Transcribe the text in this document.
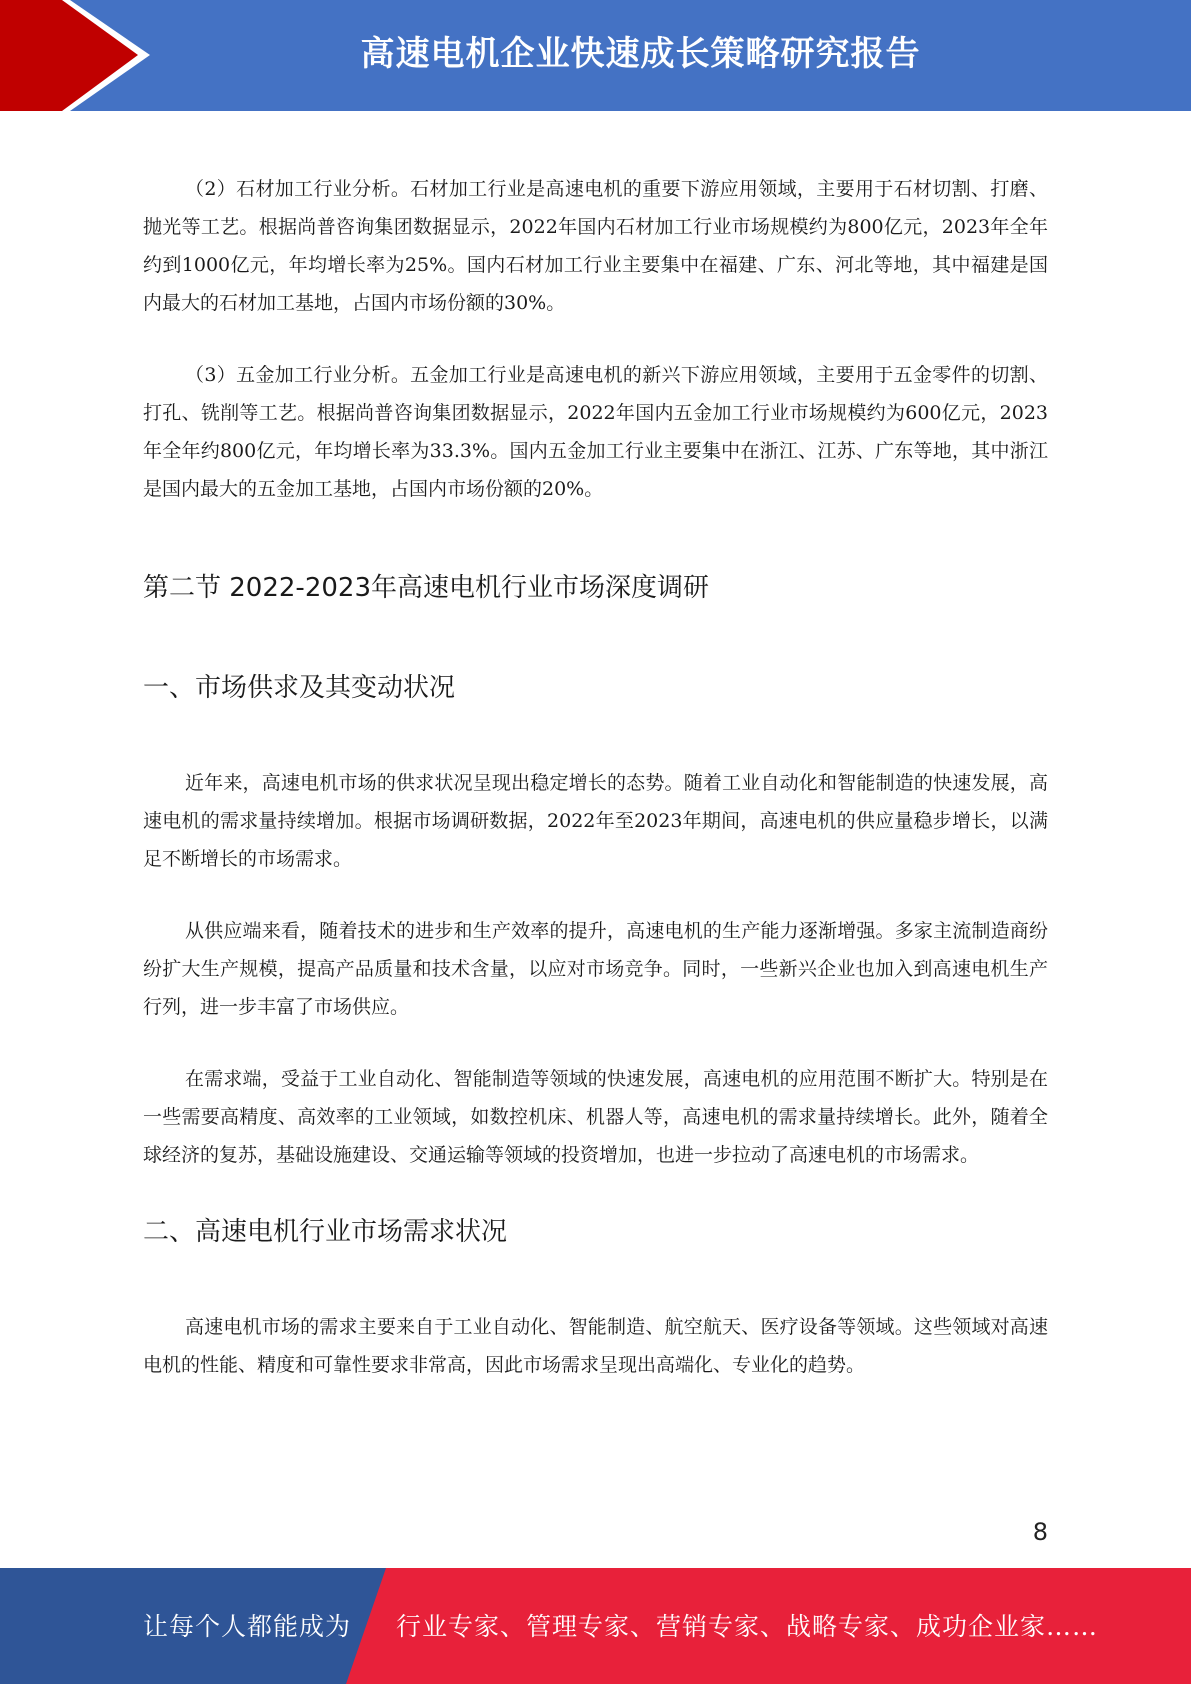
高速电机企业快速成长策略研究报告

（2）石材加工行业分析。石材加工行业是高速电机的重要下游应用领域，主要用于石材切割、打磨、抛光等工艺。根据尚普咨询集团数据显示，2022年国内石材加工行业市场规模约为800亿元，2023年全年约到1000亿元，年均增长率为25%。国内石材加工行业主要集中在福建、广东、河北等地，其中福建是国内最大的石材加工基地，占国内市场份额的30%。

（3）五金加工行业分析。五金加工行业是高速电机的新兴下游应用领域，主要用于五金零件的切割、打孔、铣削等工艺。根据尚普咨询集团数据显示，2022年国内五金加工行业市场规模约为600亿元，2023年全年约800亿元，年均增长率为33.3%。国内五金加工行业主要集中在浙江、江苏、广东等地，其中浙江是国内最大的五金加工基地，占国内市场份额的20%。

第二节 2022-2023年高速电机行业市场深度调研
一、市场供求及其变动状况

近年来，高速电机市场的供求状况呈现出稳定增长的态势。随着工业自动化和智能制造的快速发展，高速电机的需求量持续增加。根据市场调研数据，2022年至2023年期间，高速电机的供应量稳步增长，以满足不断增长的市场需求。

从供应端来看，随着技术的进步和生产效率的提升，高速电机的生产能力逐渐增强。多家主流制造商纷纷扩大生产规模，提高产品质量和技术含量，以应对市场竞争。同时，一些新兴企业也加入到高速电机生产行列，进一步丰富了市场供应。

在需求端，受益于工业自动化、智能制造等领域的快速发展，高速电机的应用范围不断扩大。特别是在一些需要高精度、高效率的工业领域，如数控机床、机器人等，高速电机的需求量持续增长。此外，随着全球经济的复苏，基础设施建设、交通运输等领域的投资增加，也进一步拉动了高速电机的市场需求。

二、高速电机行业市场需求状况

高速电机市场的需求主要来自于工业自动化、智能制造、航空航天、医疗设备等领域。这些领域对高速电机的性能、精度和可靠性要求非常高，因此市场需求呈现出高端化、专业化的趋势。

8
让每个人都能成为 行业专家、管理专家、营销专家、战略专家、成功企业家……
